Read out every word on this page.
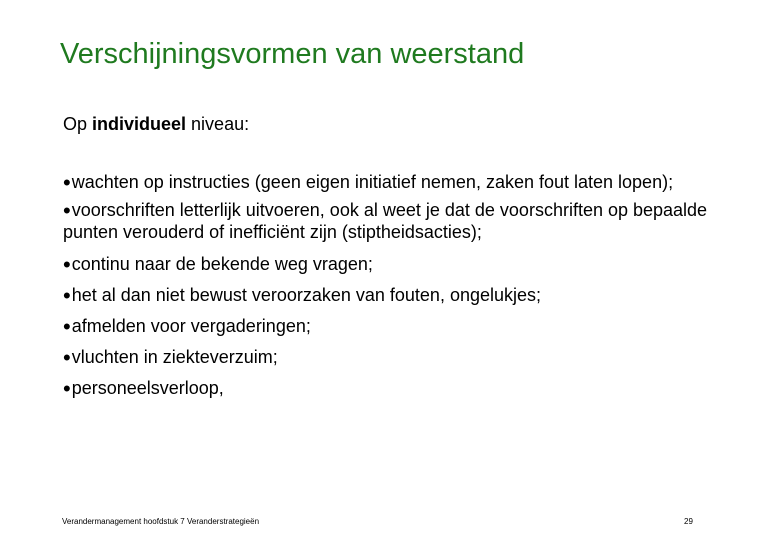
Verschijningsvormen van weerstand
Op individueel niveau:
•wachten op instructies (geen eigen initiatief nemen, zaken fout laten lopen);
•voorschriften letterlijk uitvoeren, ook al weet je dat de voorschriften op bepaalde punten verouderd of inefficiënt zijn (stiptheidsacties);
•continu naar de bekende weg vragen;
•het al dan niet bewust veroorzaken van fouten, ongelukjes;
•afmelden voor vergaderingen;
•vluchten in ziekteverzuim;
•personeelsverloop,
Verandermanagement hoofdstuk 7 Veranderstrategieën	29
